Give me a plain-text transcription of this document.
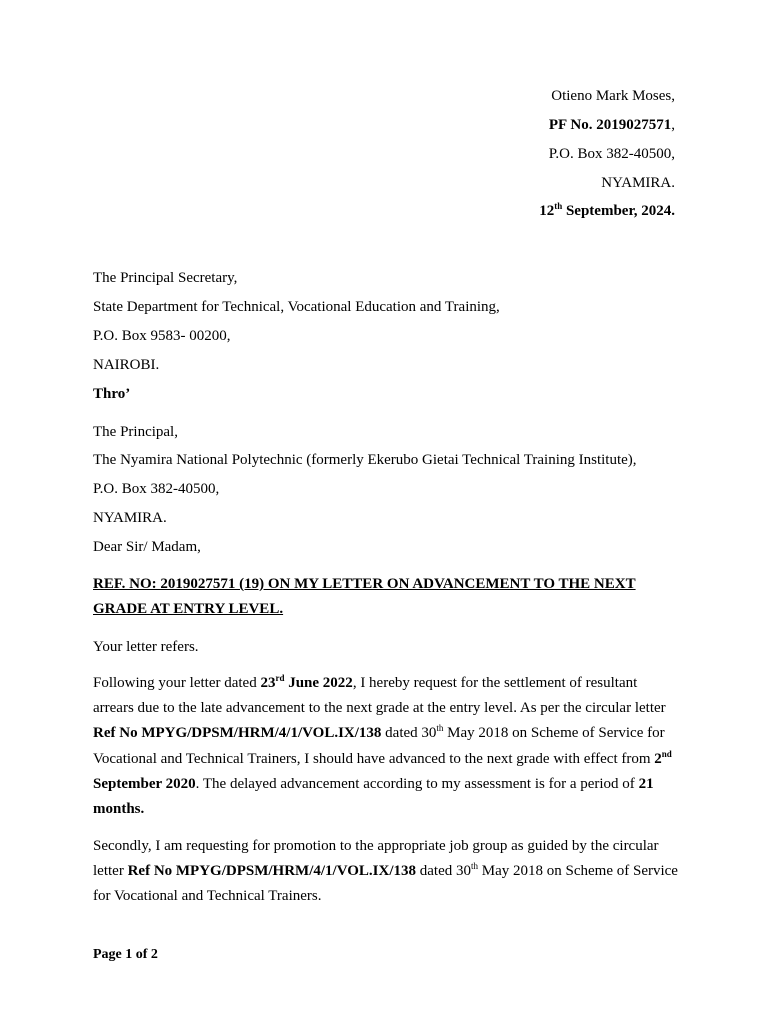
Otieno Mark Moses,
PF No. 2019027571,
P.O. Box 382-40500,
NYAMIRA.
12th September, 2024.
The Principal Secretary,
State Department for Technical, Vocational Education and Training,
P.O. Box 9583- 00200,
NAIROBI.
Thro’
The Principal,
The Nyamira National Polytechnic (formerly Ekerubo Gietai Technical Training Institute),
P.O. Box 382-40500,
NYAMIRA.
Dear Sir/ Madam,
REF. NO: 2019027571 (19) ON MY LETTER ON ADVANCEMENT TO THE NEXT
GRADE AT ENTRY LEVEL.
Your letter refers.
Following your letter dated 23rd June 2022, I hereby request for the settlement of resultant arrears due to the late advancement to the next grade at the entry level. As per the circular letter Ref No MPYG/DPSM/HRM/4/1/VOL.IX/138 dated 30th May 2018 on Scheme of Service for Vocational and Technical Trainers, I should have advanced to the next grade with effect from 2nd September 2020. The delayed advancement according to my assessment is for a period of 21 months.
Secondly, I am requesting for promotion to the appropriate job group as guided by the circular letter Ref No MPYG/DPSM/HRM/4/1/VOL.IX/138 dated 30th May 2018 on Scheme of Service for Vocational and Technical Trainers.
Page 1 of 2
